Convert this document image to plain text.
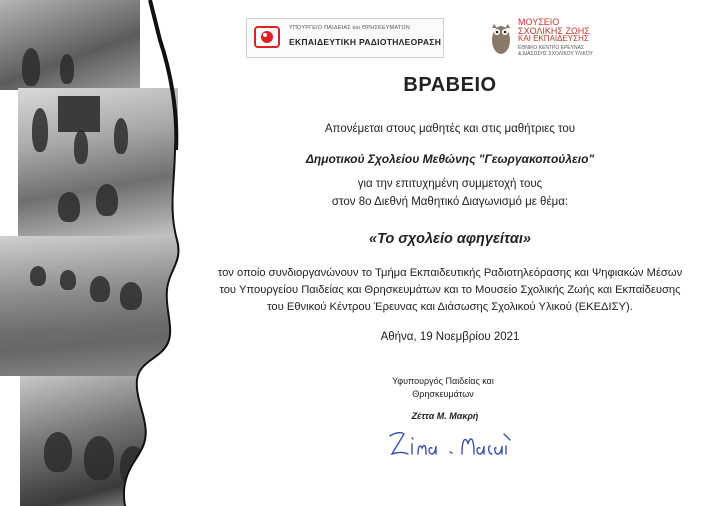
ΥΠΟΥΡΓΕΙΟ ΠΑΙΔΕΙΑΣ και ΘΡΗΣΚΕΥΜΑΤΩΝ
ΕΚΠΑΙΔΕΥΤΙΚΗ ΡΑΔΙΟΤΗΛΕΟΡΑΣΗ
ΜΟΥΣΕΙΟ
ΣΧΟΛΙΚΗΣ ΖΩΗΣ
ΚΑΙ ΕΚΠΑΙΔΕΥΣΗΣ
ΕΘΝΙΚΟ ΚΕΝΤΡΟ ΕΡΕΥΝΑΣ
& ΔΙΑΣΩΣΗΣ ΣΧΟΛΙΚΟΥ ΥΛΙΚΟΥ
ΒΡΑΒΕΙΟ
Απονέμεται στους μαθητές και στις μαθήτριες του
Δημοτικού Σχολείου Μεθώνης "Γεωργακοπούλειο"
για την επιτυχημένη συμμετοχή τους
στον 8ο Διεθνή Μαθητικό Διαγωνισμό με θέμα:
«Το σχολείο αφηγείται»
τον οποίο συνδιοργανώνουν το Τμήμα Εκπαιδευτικής Ραδιοτηλεόρασης και Ψηφιακών Μέσων
του Υπουργείου Παιδείας και Θρησκευμάτων και το Μουσείο Σχολικής Ζωής και Εκπαίδευσης
του Εθνικού Κέντρου Έρευνας και Διάσωσης Σχολικού Υλικού (ΕΚΕΔΙΣΥ).
Αθήνα, 19 Νοεμβρίου 2021
Υφυπουργός Παιδείας και
Θρησκευμάτων
Ζέττα Μ. Μακρή
